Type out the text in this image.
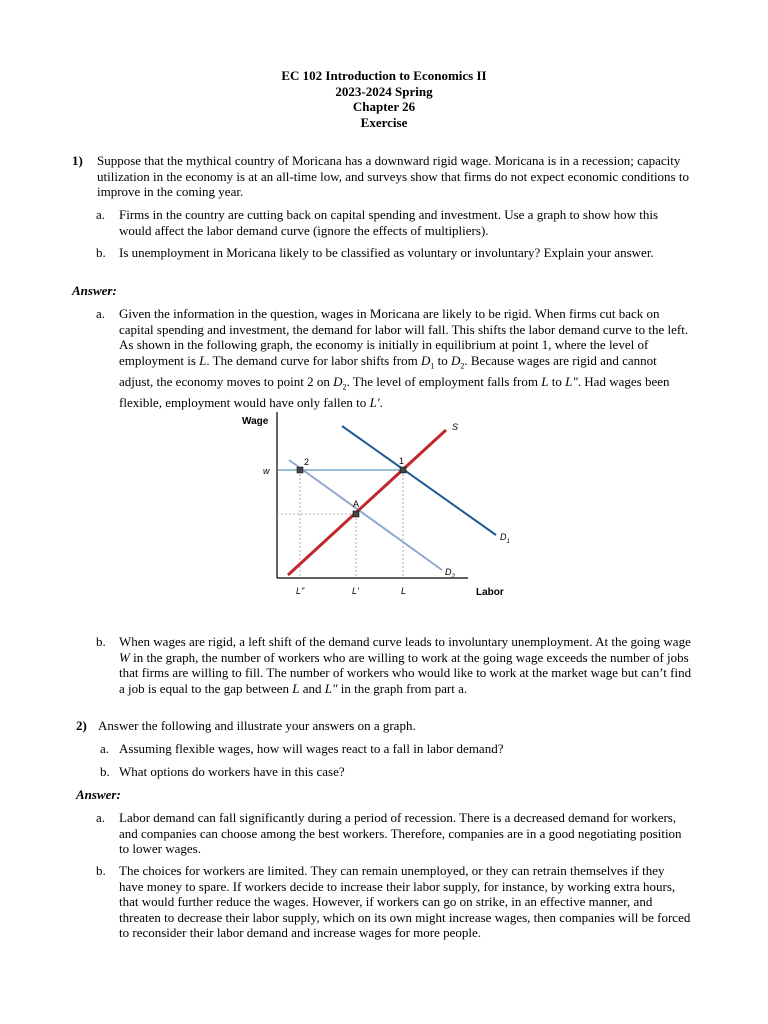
EC 102 Introduction to Economics II
2023-2024 Spring
Chapter 26
Exercise
1)	Suppose that the mythical country of Moricana has a downward rigid wage. Moricana is in a recession; capacity utilization in the economy is at an all-time low, and surveys show that firms do not expect economic conditions to improve in the coming year.
a.	Firms in the country are cutting back on capital spending and investment. Use a graph to show how this would affect the labor demand curve (ignore the effects of multipliers).
b.	Is unemployment in Moricana likely to be classified as voluntary or involuntary? Explain your answer.
Answer:
a.	Given the information in the question, wages in Moricana are likely to be rigid. When firms cut back on capital spending and investment, the demand for labor will fall. This shifts the labor demand curve to the left. As shown in the following graph, the economy is initially in equilibrium at point 1, where the level of employment is L. The demand curve for labor shifts from $D_1$ to $D_2$. Because wages are rigid and cannot adjust, the economy moves to point 2 on $D_2$. The level of employment falls from L to L". Had wages been flexible, employment would have only fallen to L'.
Wage
Labor
w
S
$D_1$
$D_2$
2	1
A
L"	L'	L
b.	When wages are rigid, a left shift of the demand curve leads to involuntary unemployment. At the going wage W in the graph, the number of workers who are willing to work at the going wage exceeds the number of jobs that firms are willing to fill. The number of workers who would like to work at the market wage but can’t find a job is equal to the gap between L and L" in the graph from part a.
2) Answer the following and illustrate your answers on a graph.
a. Assuming flexible wages, how will wages react to a fall in labor demand?
b. What options do workers have in this case?
Answer:
a.	Labor demand can fall significantly during a period of recession. There is a decreased demand for workers, and companies can choose among the best workers. Therefore, companies are in a good negotiating position to lower wages.
b.	The choices for workers are limited. They can remain unemployed, or they can retrain themselves if they have money to spare. If workers decide to increase their labor supply, for instance, by working extra hours, that would further reduce the wages. However, if workers can go on strike, in an effective manner, and threaten to decrease their labor supply, which on its own might increase wages, then companies will be forced to reconsider their labor demand and increase wages for more people.
